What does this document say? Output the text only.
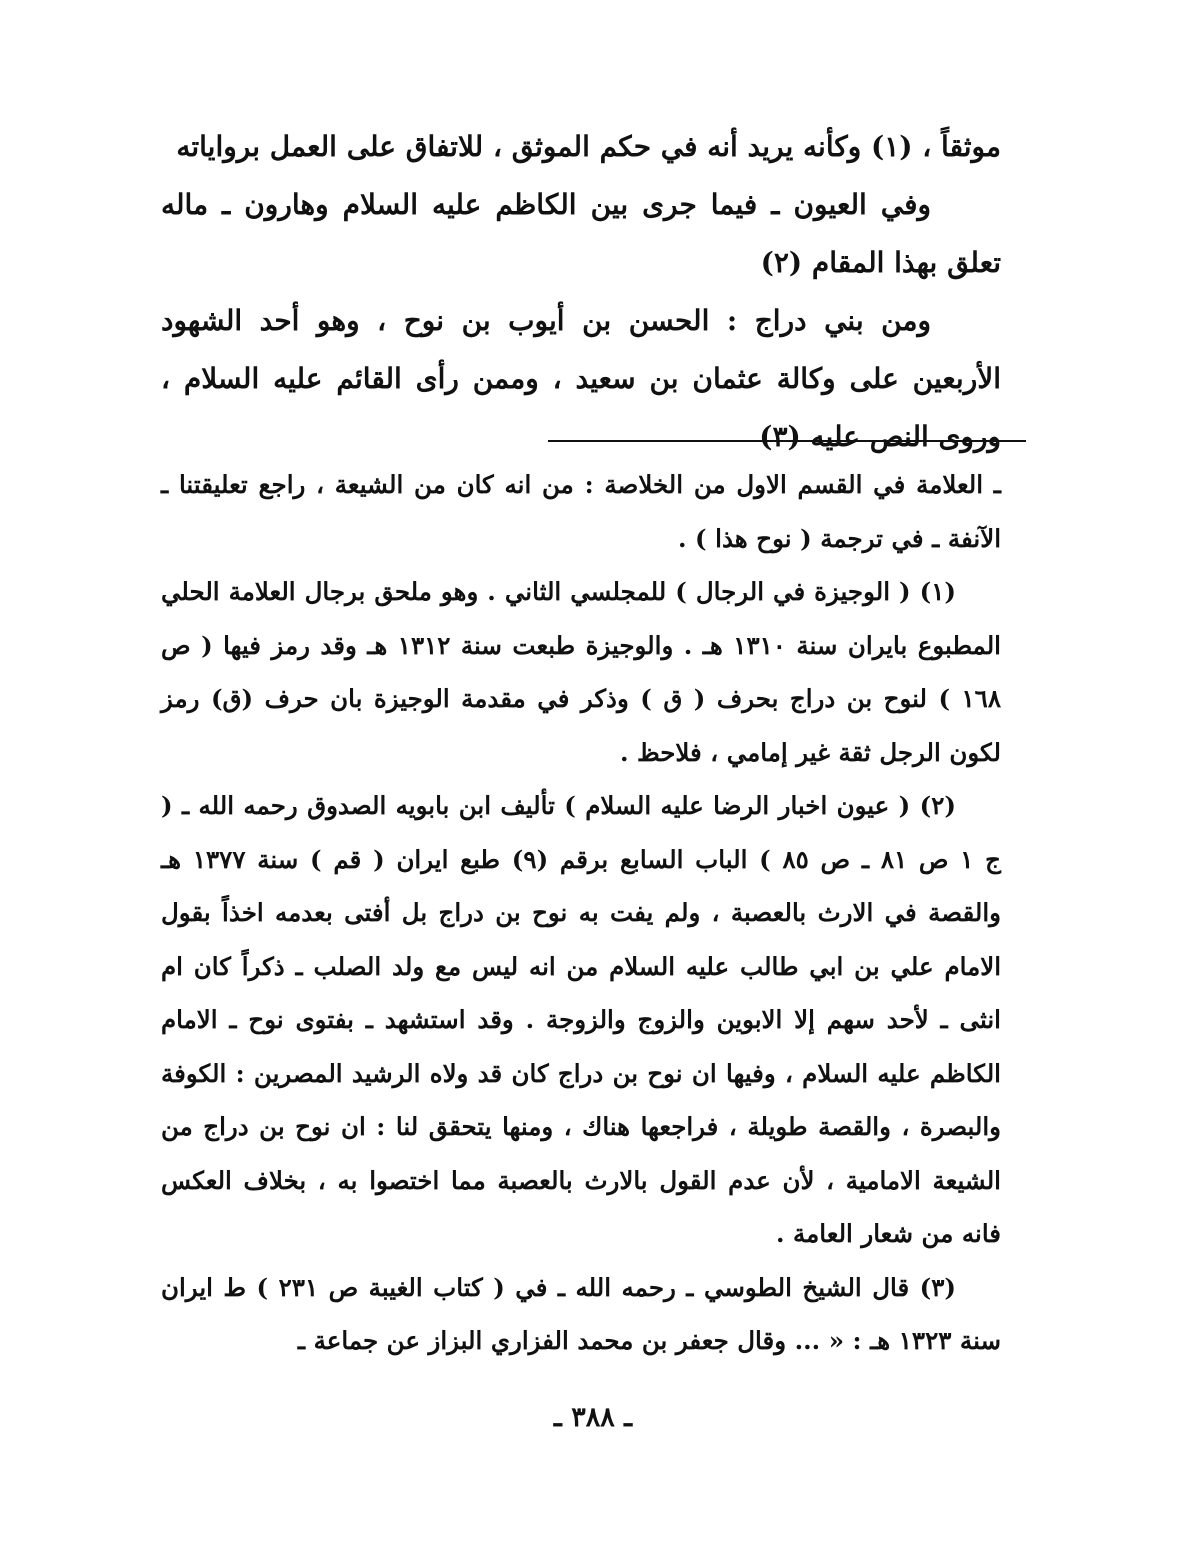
موثقاً ، (١) وكأنه يريد أنه في حكم الموثق ، للاتفاق على العمل برواياته

وفي العيون ـ فيما جرى بين الكاظم عليه السلام وهارون ـ ماله تعلق بهذا المقام (٢)

ومن بني دراج : الحسن بن أيوب بن نوح ، وهو أحد الشهود الأربعين على وكالة عثمان بن سعيد ، وممن رأى القائم عليه السلام ، وروى النص عليه (٣)

ـ العلامة في القسم الاول من الخلاصة : من انه كان من الشيعة ، راجع تعليقتنا ـ الآنفة ـ في ترجمة ( نوح هذا ) .

(١) ( الوجيزة في الرجال ) للمجلسي الثاني . وهو ملحق برجال العلامة الحلي المطبوع بايران سنة ١٣١٠ هـ . والوجيزة طبعت سنة ١٣١٢ هـ وقد رمز فيها ( ص ١٦٨ ) لنوح بن دراج بحرف ( ق ) وذكر في مقدمة الوجيزة بان حرف (ق) رمز لكون الرجل ثقة غير إمامي ، فلاحظ .

(٢) ( عيون اخبار الرضا عليه السلام ) تأليف ابن بابويه الصدوق رحمه الله ـ ( ج ١ ص ٨١ ـ ص ٨٥ ) الباب السابع برقم (٩) طبع ايران ( قم ) سنة ١٣٧٧ هـ والقصة في الارث بالعصبة ، ولم يفت به نوح بن دراج بل أفتى بعدمه اخذاً بقول الامام علي بن ابي طالب عليه السلام من انه ليس مع ولد الصلب ـ ذكراً كان ام انثى ـ لأحد سهم إلا الابوين والزوج والزوجة . وقد استشهد ـ بفتوى نوح ـ الامام الكاظم عليه السلام ، وفيها ان نوح بن دراج كان قد ولاه الرشيد المصرين : الكوفة والبصرة ، والقصة طويلة ، فراجعها هناك ، ومنها يتحقق لنا : ان نوح بن دراج من الشيعة الامامية ، لأن عدم القول بالارث بالعصبة مما اختصوا به ، بخلاف العكس فانه من شعار العامة .

(٣) قال الشيخ الطوسي ـ رحمه الله ـ في ( كتاب الغيبة ص ٢٣١ ) ط ايران سنة ١٣٢٣ هـ : « ... وقال جعفر بن محمد الفزاري البزاز عن جماعة ـ

ـ ٣٨٨ ـ
